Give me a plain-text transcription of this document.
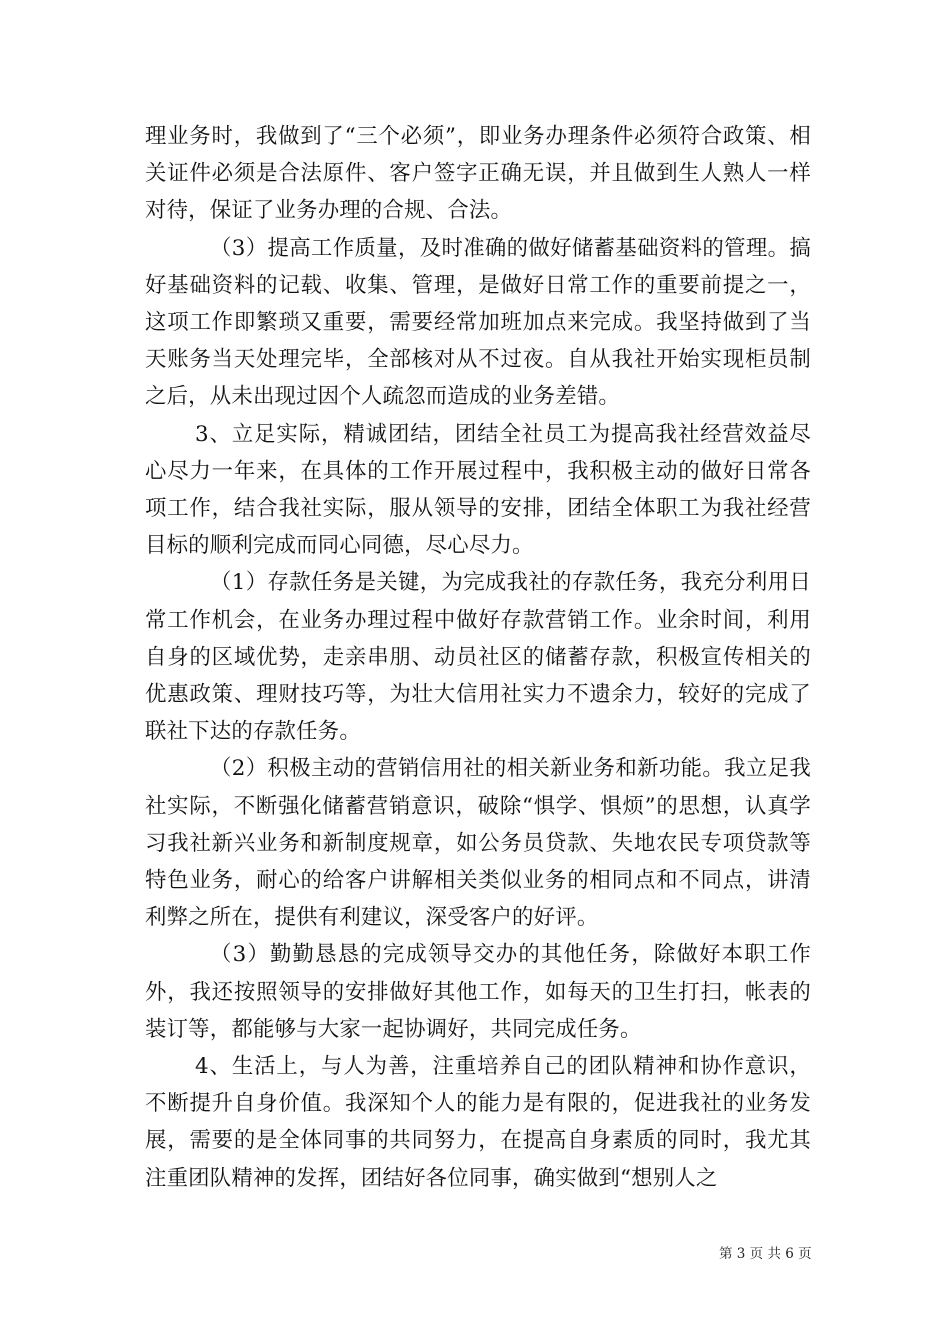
理业务时，我做到了“三个必须”，即业务办理条件必须符合政策、相关证件必须是合法原件、客户签字正确无误，并且做到生人熟人一样对待，保证了业务办理的合规、合法。

（3）提高工作质量，及时准确的做好储蓄基础资料的管理。搞好基础资料的记载、收集、管理，是做好日常工作的重要前提之一，这项工作即繁琐又重要，需要经常加班加点来完成。我坚持做到了当天账务当天处理完毕，全部核对从不过夜。自从我社开始实现柜员制之后，从未出现过因个人疏忽而造成的业务差错。

3、立足实际，精诚团结，团结全社员工为提高我社经营效益尽心尽力一年来，在具体的工作开展过程中，我积极主动的做好日常各项工作，结合我社实际，服从领导的安排，团结全体职工为我社经营目标的顺利完成而同心同德，尽心尽力。

（1）存款任务是关键，为完成我社的存款任务，我充分利用日常工作机会，在业务办理过程中做好存款营销工作。业余时间，利用自身的区域优势，走亲串朋、动员社区的储蓄存款，积极宣传相关的优惠政策、理财技巧等，为壮大信用社实力不遗余力，较好的完成了联社下达的存款任务。

（2）积极主动的营销信用社的相关新业务和新功能。我立足我社实际，不断强化储蓄营销意识，破除“惧学、惧烦”的思想，认真学习我社新兴业务和新制度规章，如公务员贷款、失地农民专项贷款等特色业务，耐心的给客户讲解相关类似业务的相同点和不同点，讲清利弊之所在，提供有利建议，深受客户的好评。

（3）勤勤恳恳的完成领导交办的其他任务，除做好本职工作外，我还按照领导的安排做好其他工作，如每天的卫生打扫，帐表的装订等，都能够与大家一起协调好，共同完成任务。

4、生活上，与人为善，注重培养自己的团队精神和协作意识，不断提升自身价值。我深知个人的能力是有限的，促进我社的业务发展，需要的是全体同事的共同努力，在提高自身素质的同时，我尤其注重团队精神的发挥，团结好各位同事，确实做到“想别人之

第 3 页 共 6 页
